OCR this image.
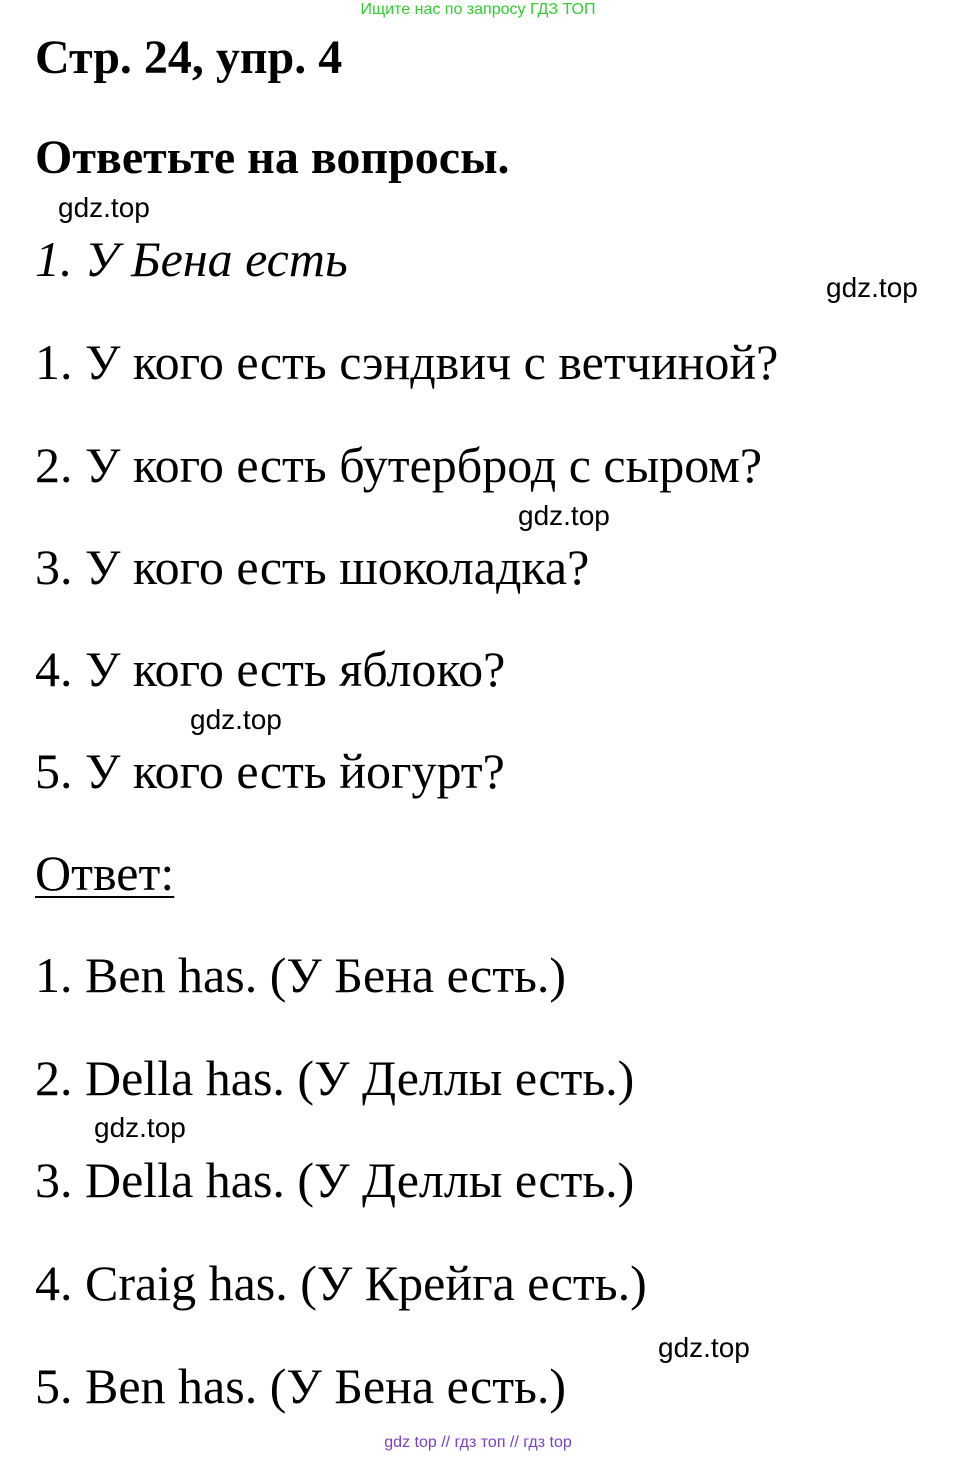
Ищите нас по запросу ГДЗ ТОП
Стр. 24, упр. 4
Ответьте на вопросы.
gdz.top
1. У Бена есть
gdz.top
1. У кого есть сэндвич с ветчиной?
2. У кого есть бутерброд с сыром?
gdz.top
3. У кого есть шоколадка?
4. У кого есть яблоко?
gdz.top
5. У кого есть йогурт?
Ответ:
1. Ben has. (У Бена есть.)
2. Della has. (У Деллы есть.)
gdz.top
3. Della has. (У Деллы есть.)
4. Craig has. (У Крейга есть.)
gdz.top
5. Ben has. (У Бена есть.)
gdz top // гдз топ // гдз top
